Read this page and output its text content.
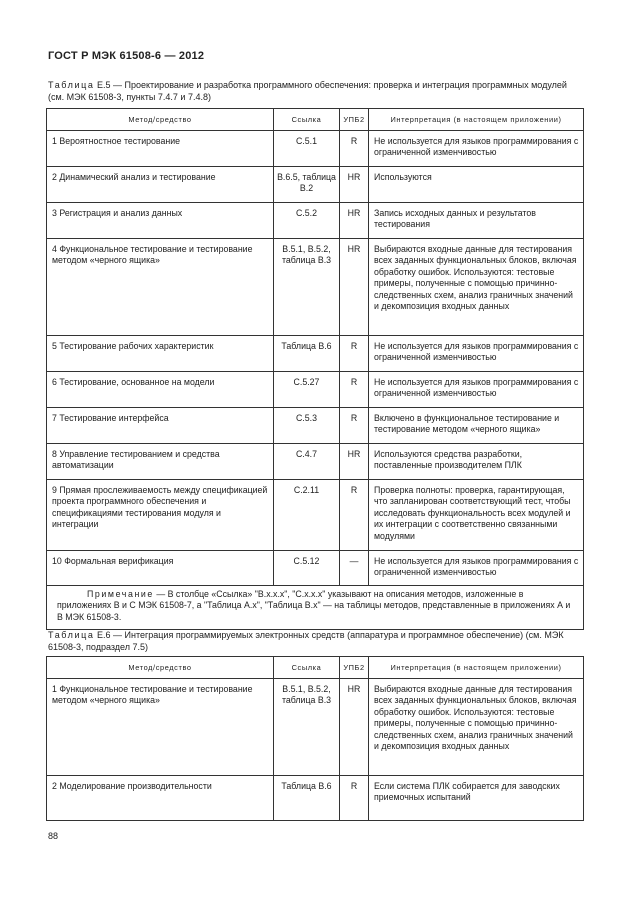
ГОСТ Р МЭК 61508-6 — 2012
Таблица Е.5 — Проектирование и разработка программного обеспечения: проверка и интеграция программных модулей (см. МЭК 61508-3, пункты 7.4.7 и 7.4.8)
Метод/средство	Ссылка	УПБ2	Интерпретация (в настоящем приложении)
1 Вероятностное тестирование	С.5.1	R	Не используется для языков программирования с ограниченной изменчивостью
2 Динамический анализ и тестирование	В.6.5, таблица В.2	HR	Используются
3 Регистрация и анализ данных	С.5.2	HR	Запись исходных данных и результатов тестирования
4 Функциональное тестирование и тестирование методом «черного ящика»	В.5.1, В.5.2, таблица В.3	HR	Выбираются входные данные для тестирования всех заданных функциональных блоков, включая обработку ошибок. Используются: тестовые примеры, полученные с помощью причинно-следственных схем, анализ граничных значений и декомпозиция входных данных
5 Тестирование рабочих характеристик	Таблица В.6	R	Не используется для языков программирования с ограниченной изменчивостью
6 Тестирование, основанное на модели	С.5.27	R	Не используется для языков программирования с ограниченной изменчивостью
7 Тестирование интерфейса	С.5.3	R	Включено в функциональное тестирование и тестирование методом «черного ящика»
8 Управление тестированием и средства автоматизации	С.4.7	HR	Используются средства разработки, поставленные производителем ПЛК
9 Прямая прослеживаемость между спецификацией проекта программного обеспечения и спецификациями тестирования модуля и интеграции	С.2.11	R	Проверка полноты: проверка, гарантирующая, что запланирован соответствующий тест, чтобы исследовать функциональность всех модулей и их интеграции с соответственно связанными модулями
10 Формальная верификация	С.5.12	—	Не используется для языков программирования с ограниченной изменчивостью
Примечание — В столбце «Ссылка» "В.х.х.х", "С.х.х.х" указывают на описания методов, изложенные в приложениях В и С МЭК 61508-7, а "Таблица А.х", "Таблица В.х" — на таблицы методов, представленные в приложениях А и В МЭК 61508-3.			
Таблица Е.6 — Интеграция программируемых электронных средств (аппаратура и программное обеспечение) (см. МЭК 61508-3, подраздел 7.5)
Метод/средство	Ссылка	УПБ2	Интерпретация (в настоящем приложении)
1 Функциональное тестирование и тестирование методом «черного ящика»	В.5.1, В.5.2, таблица В.3	HR	Выбираются входные данные для тестирования всех заданных функциональных блоков, включая обработку ошибок. Используются: тестовые примеры, полученные с помощью причинно-следственных схем, анализ граничных значений и декомпозиция входных данных
2 Моделирование производительности	Таблица В.6	R	Если система ПЛК собирается для заводских приемочных испытаний
88
